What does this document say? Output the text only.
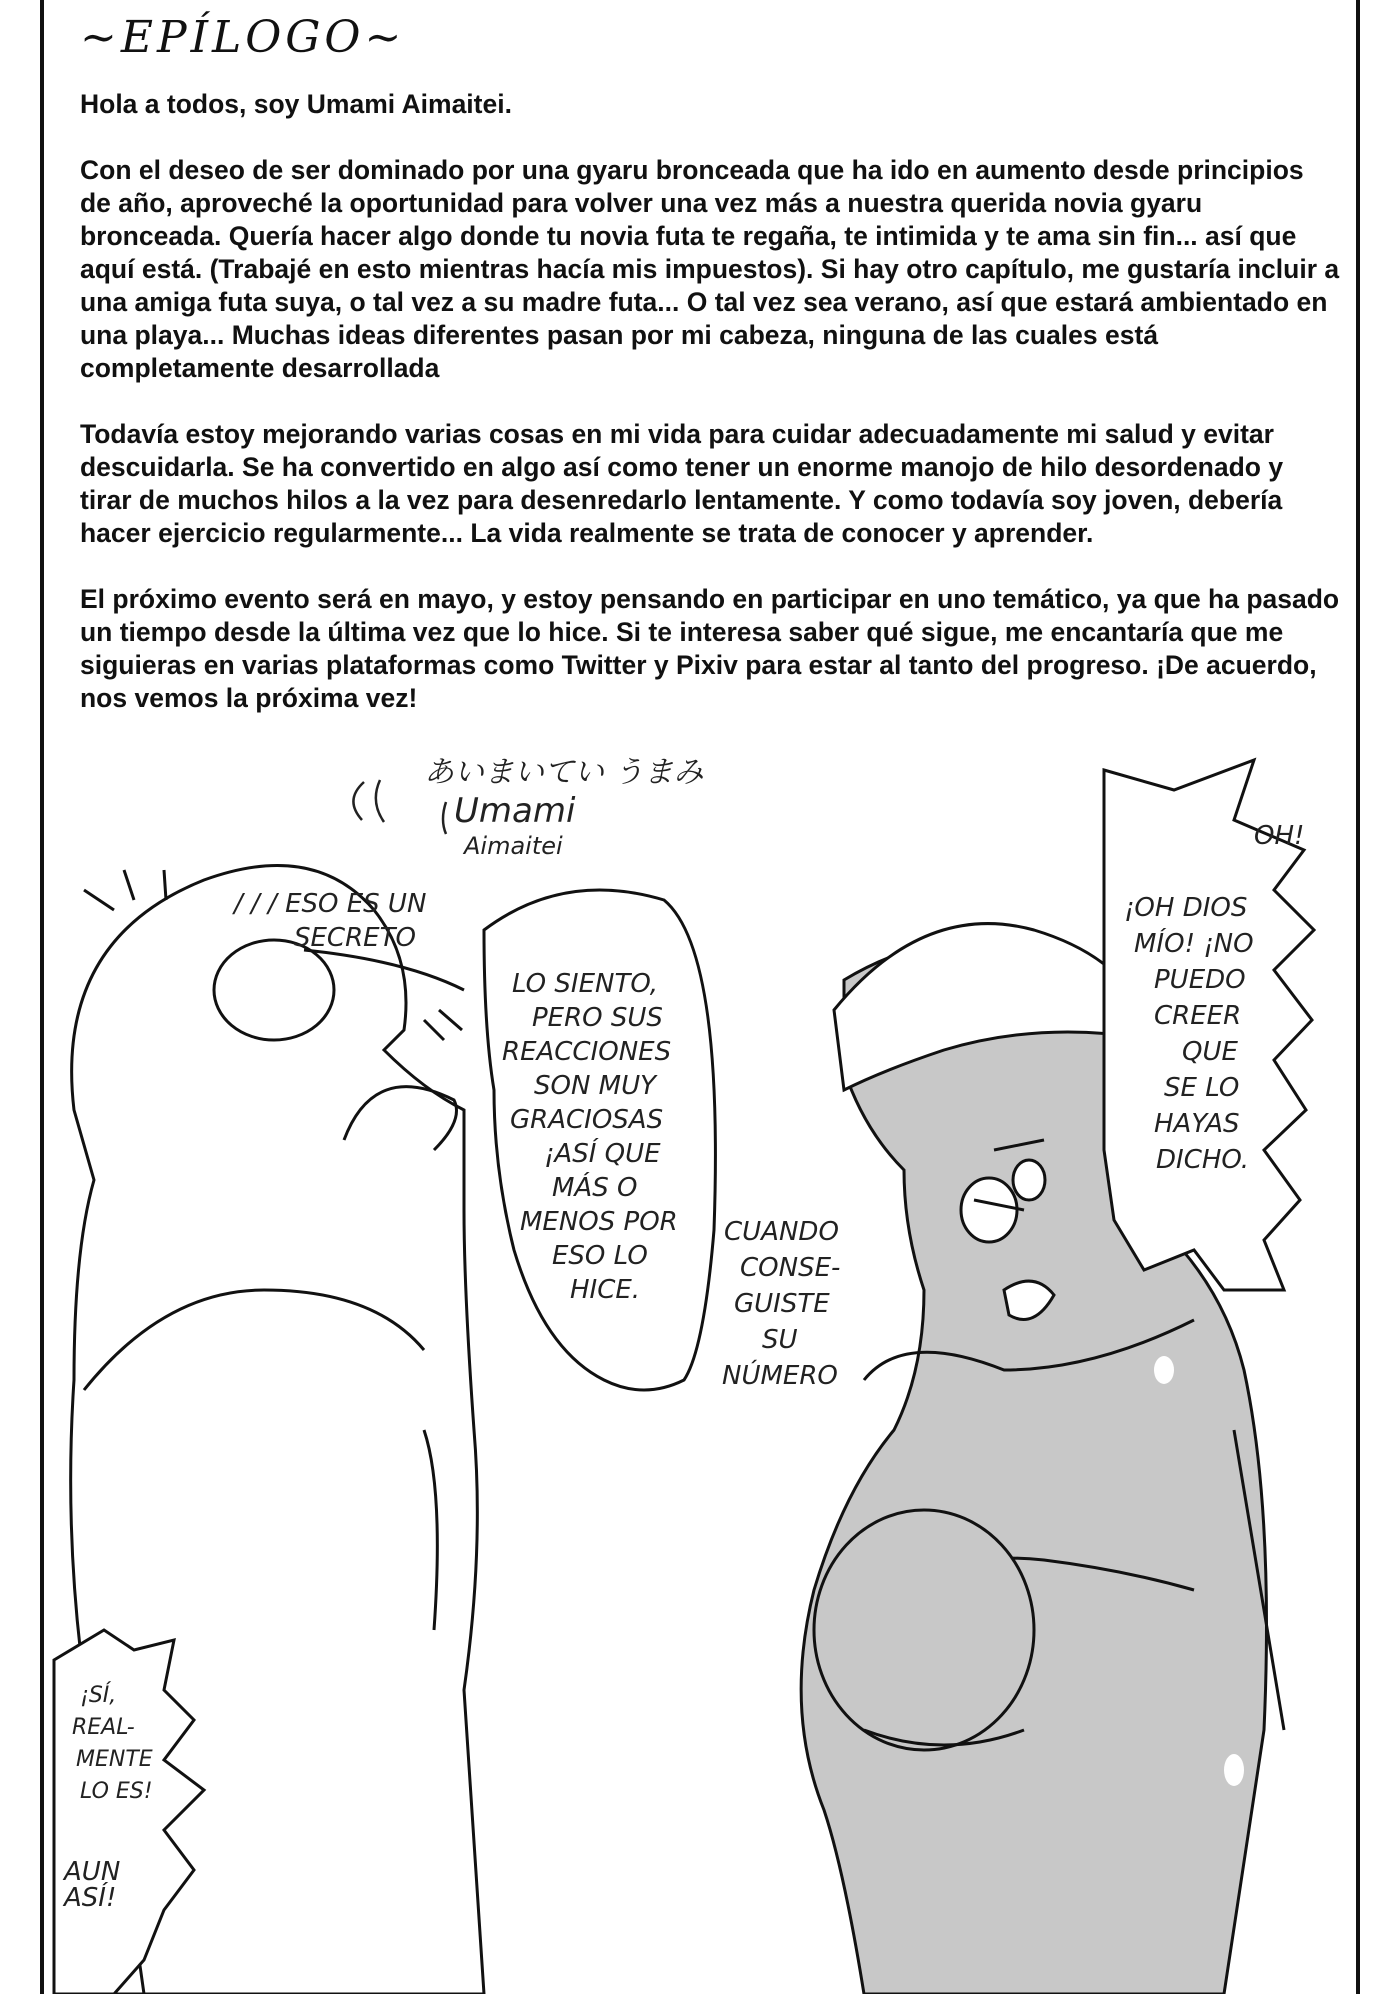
~EPÍLOGO~

Hola a todos, soy Umami Aimaitei.

Con el deseo de ser dominado por una gyaru bronceada que ha ido en aumento desde principios de año, aproveché la oportunidad para volver una vez más a nuestra querida novia gyaru bronceada. Quería hacer algo donde tu novia futa te regaña, te intimida y te ama sin fin... así que aquí está. (Trabajé en esto mientras hacía mis impuestos). Si hay otro capítulo, me gustaría incluir a una amiga futa suya, o tal vez a su madre futa... O tal vez sea verano, así que estará ambientado en una playa... Muchas ideas diferentes pasan por mi cabeza, ninguna de las cuales está completamente desarrollada

Todavía estoy mejorando varias cosas en mi vida para cuidar adecuadamente mi salud y evitar descuidarla. Se ha convertido en algo así como tener un enorme manojo de hilo desordenado y tirar de muchos hilos a la vez para desenredarlo lentamente. Y como todavía soy joven, debería hacer ejercicio regularmente... La vida realmente se trata de conocer y aprender.

El próximo evento será en mayo, y estoy pensando en participar en uno temático, ya que ha pasado un tiempo desde la última vez que lo hice. Si te interesa saber qué sigue, me encantaría que me siguieras en varias plataformas como Twitter y Pixiv para estar al tanto del progreso. ¡De acuerdo, nos vemos la próxima vez!

あいまいてい うまみ
Umami
Aimaitei
/ / / ESO ES UN
SECRETO
LO SIENTO,
PERO SUS
REACCIONES
SON MUY
GRACIOSAS
¡ASÍ QUE
MÁS O
MENOS POR
ESO LO
HICE.
OH!
¡OH DIOS
MÍO! ¡NO
PUEDO
CREER
QUE
SE LO
HAYAS
DICHO.
CUANDO
CONSE-
GUISTE
SU
NÚMERO
¡SÍ,
REAL-
MENTE
LO ES!
AUN
ASÍ!
